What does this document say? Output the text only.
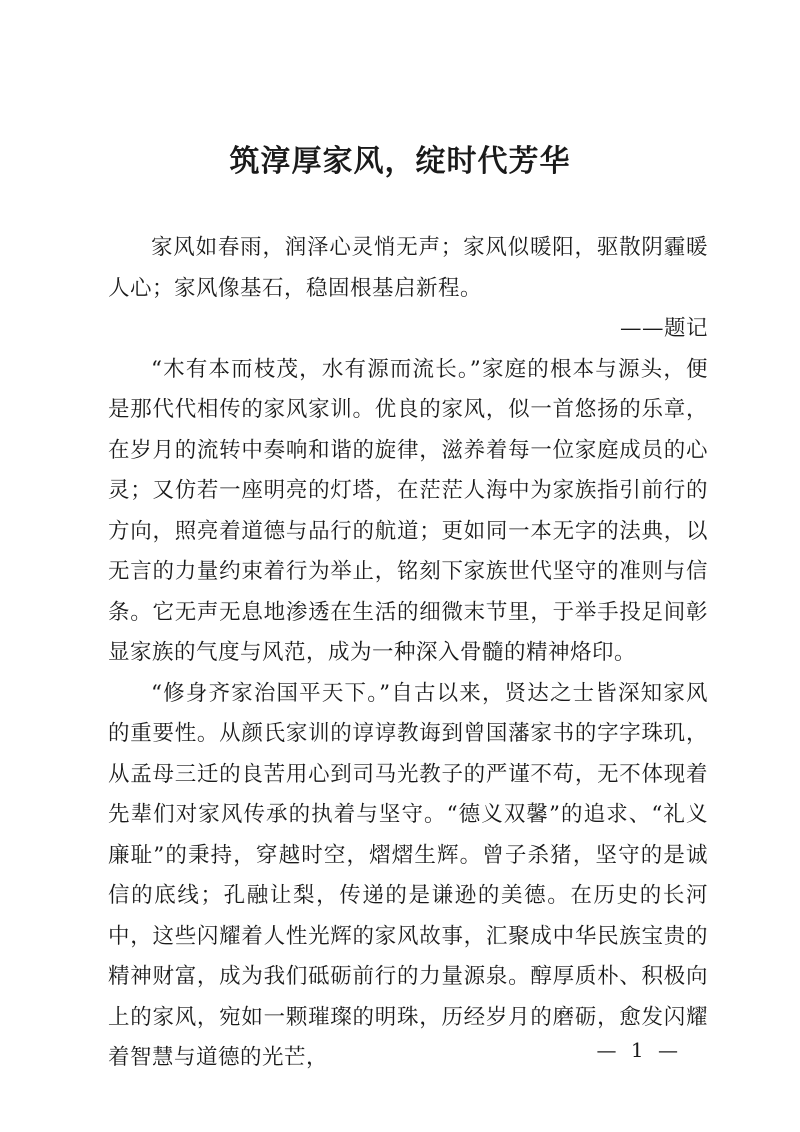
筑淳厚家风，绽时代芳华

家风如春雨，润泽心灵悄无声；家风似暖阳，驱散阴霾暖人心；家风像基石，稳固根基启新程。

——题记

“木有本而枝茂，水有源而流长。”家庭的根本与源头，便是那代代相传的家风家训。优良的家风，似一首悠扬的乐章，在岁月的流转中奏响和谐的旋律，滋养着每一位家庭成员的心灵；又仿若一座明亮的灯塔，在茫茫人海中为家族指引前行的方向，照亮着道德与品行的航道；更如同一本无字的法典，以无言的力量约束着行为举止，铭刻下家族世代坚守的准则与信条。它无声无息地渗透在生活的细微末节里，于举手投足间彰显家族的气度与风范，成为一种深入骨髓的精神烙印。

“修身齐家治国平天下。”自古以来，贤达之士皆深知家风的重要性。从颜氏家训的谆谆教诲到曾国藩家书的字字珠玑，从孟母三迁的良苦用心到司马光教子的严谨不苟，无不体现着先辈们对家风传承的执着与坚守。“德义双馨”的追求、“礼义廉耻”的秉持，穿越时空，熠熠生辉。曾子杀猪，坚守的是诚信的底线；孔融让梨，传递的是谦逊的美德。在历史的长河中，这些闪耀着人性光辉的家风故事，汇聚成中华民族宝贵的精神财富，成为我们砥砺前行的力量源泉。醇厚质朴、积极向上的家风，宛如一颗璀璨的明珠，历经岁月的磨砺，愈发闪耀着智慧与道德的光芒，	— 1 —
